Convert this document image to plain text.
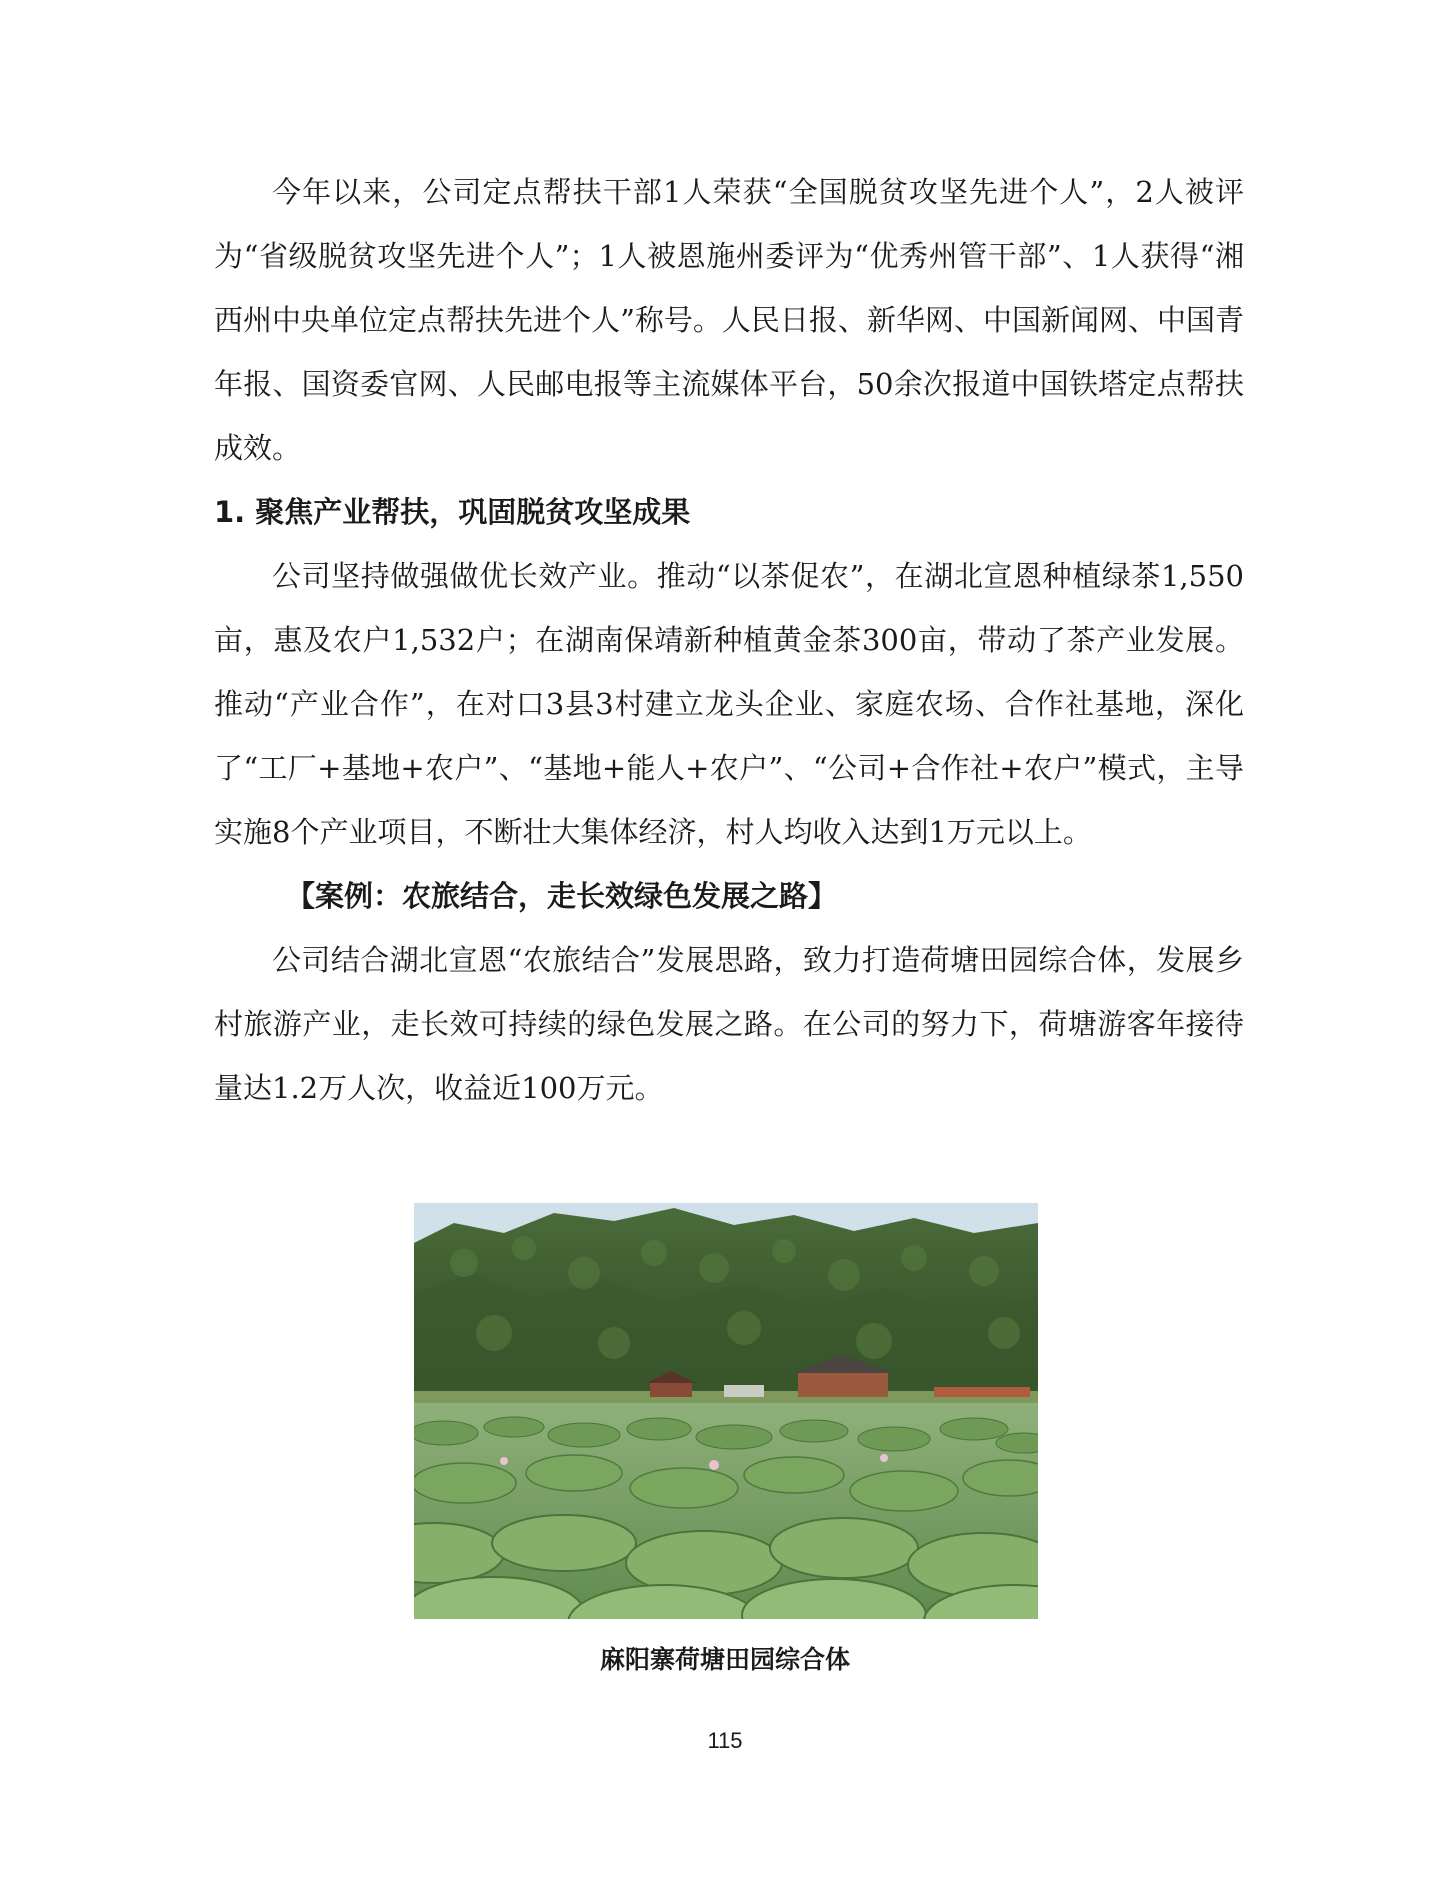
今年以来，公司定点帮扶干部1人荣获“全国脱贫攻坚先进个人”，2人被评为“省级脱贫攻坚先进个人”；1人被恩施州委评为“优秀州管干部”、1人获得“湘西州中央单位定点帮扶先进个人”称号。人民日报、新华网、中国新闻网、中国青年报、国资委官网、人民邮电报等主流媒体平台，50余次报道中国铁塔定点帮扶成效。

1. 聚焦产业帮扶，巩固脱贫攻坚成果

公司坚持做强做优长效产业。推动“以茶促农”，在湖北宣恩种植绿茶1,550亩，惠及农户1,532户；在湖南保靖新种植黄金茶300亩，带动了茶产业发展。推动“产业合作”，在对口3县3村建立龙头企业、家庭农场、合作社基地，深化了“工厂+基地+农户”、“基地+能人+农户”、“公司+合作社+农户”模式，主导实施8个产业项目，不断壮大集体经济，村人均收入达到1万元以上。

【案例：农旅结合，走长效绿色发展之路】

公司结合湖北宣恩“农旅结合”发展思路，致力打造荷塘田园综合体，发展乡村旅游产业，走长效可持续的绿色发展之路。在公司的努力下，荷塘游客年接待量达1.2万人次，收益近100万元。

麻阳寨荷塘田园综合体
115
